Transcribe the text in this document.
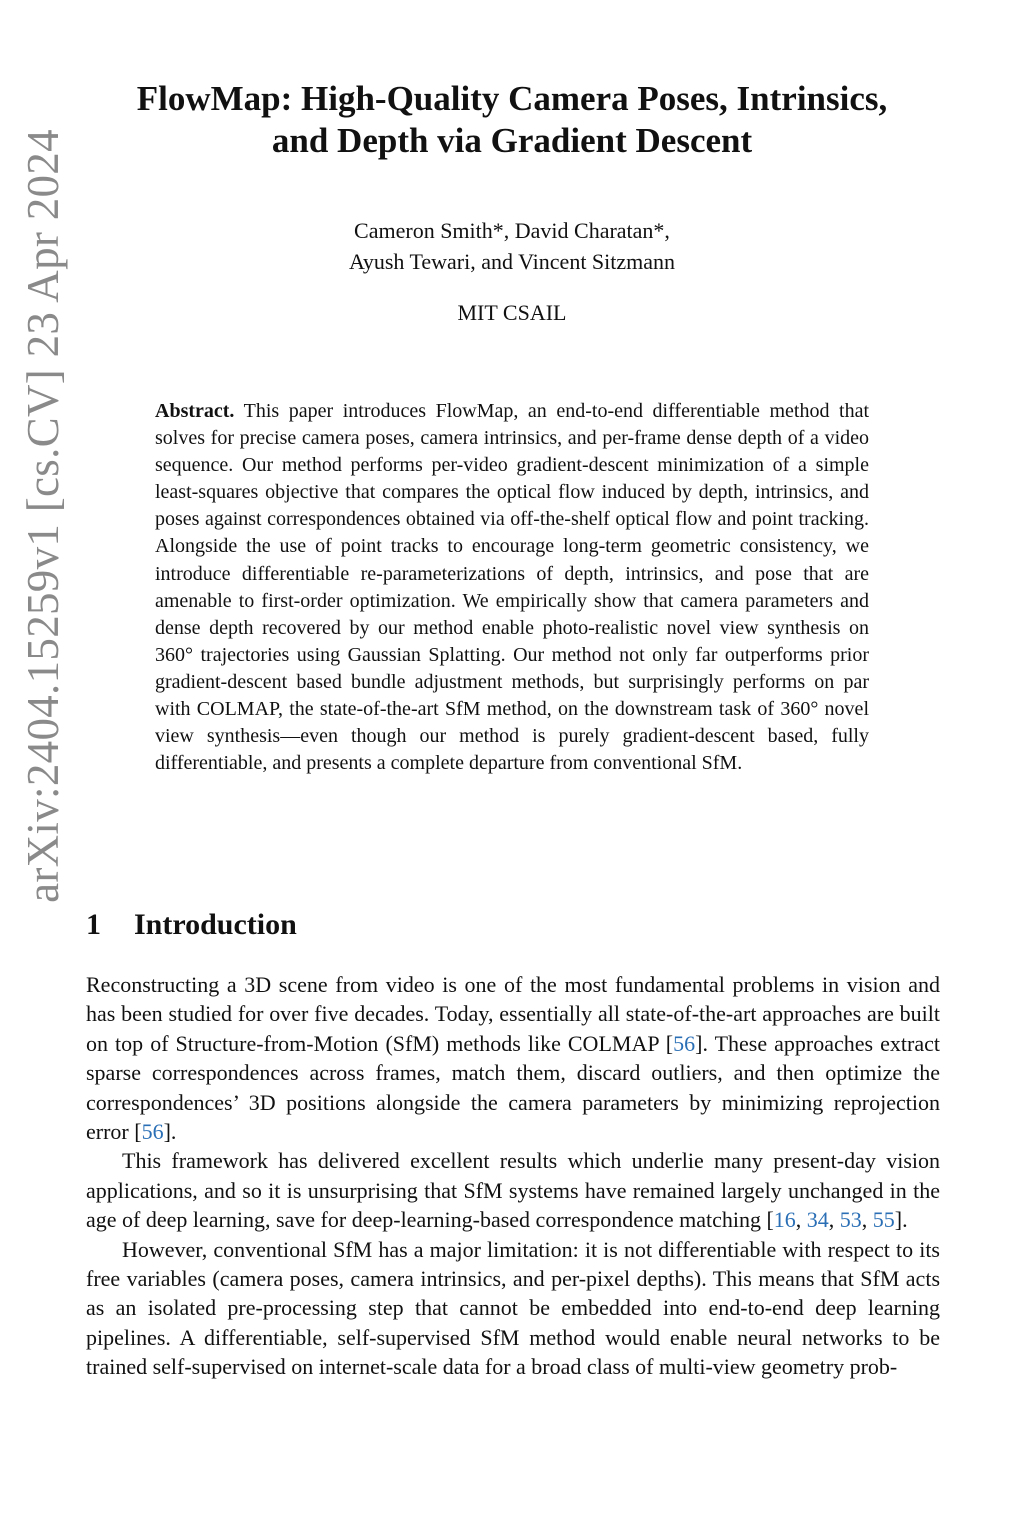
arXiv:2404.15259v1 [cs.CV] 23 Apr 2024
FlowMap: High-Quality Camera Poses, Intrinsics,
and Depth via Gradient Descent
Cameron Smith*, David Charatan*,
Ayush Tewari, and Vincent Sitzmann
MIT CSAIL

Abstract. This paper introduces FlowMap, an end-to-end differentiable method that solves for precise camera poses, camera intrinsics, and per-frame dense depth of a video sequence. Our method performs per-video gradient-descent minimization of a simple least-squares objective that compares the optical flow induced by depth, intrinsics, and poses against correspondences obtained via off-the-shelf optical flow and point tracking. Alongside the use of point tracks to encourage long-term geometric consistency, we introduce differentiable re-parameterizations of depth, intrinsics, and pose that are amenable to first-order optimization. We empirically show that camera parameters and dense depth recovered by our method enable photo-realistic novel view synthesis on 360° trajectories using Gaussian Splatting. Our method not only far outperforms prior gradient-descent based bundle adjustment methods, but surprisingly performs on par with COLMAP, the state-of-the-art SfM method, on the downstream task of 360° novel view synthesis—even though our method is purely gradient-descent based, fully differentiable, and presents a complete departure from conventional SfM.

1 Introduction

Reconstructing a 3D scene from video is one of the most fundamental problems in vision and has been studied for over five decades. Today, essentially all state-of-the-art approaches are built on top of Structure-from-Motion (SfM) methods like COLMAP [56]. These approaches extract sparse correspondences across frames, match them, discard outliers, and then optimize the correspondences’ 3D positions alongside the camera parameters by minimizing reprojection error [56].

This framework has delivered excellent results which underlie many present-day vision applications, and so it is unsurprising that SfM systems have remained largely unchanged in the age of deep learning, save for deep-learning-based correspondence matching [16, 34, 53, 55].

However, conventional SfM has a major limitation: it is not differentiable with respect to its free variables (camera poses, camera intrinsics, and per-pixel depths). This means that SfM acts as an isolated pre-processing step that cannot be embedded into end-to-end deep learning pipelines. A differentiable, self-supervised SfM method would enable neural networks to be trained self-supervised on internet-scale data for a broad class of multi-view geometry prob-
